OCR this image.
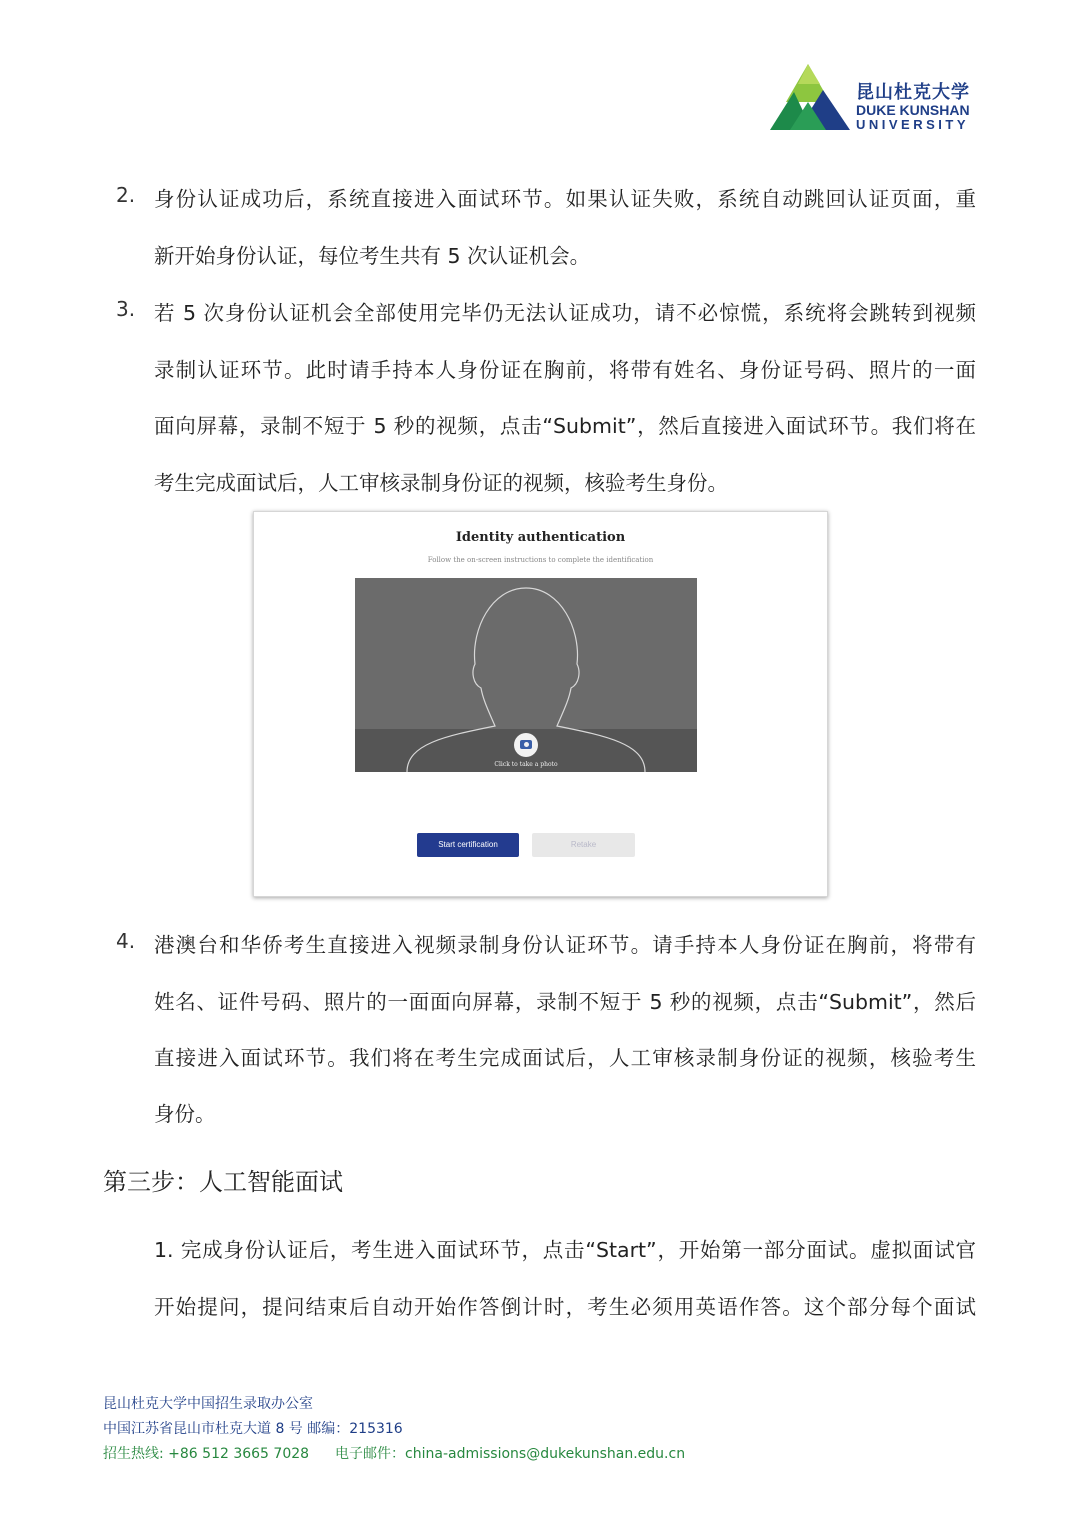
昆山杜克大学
DUKE KUNSHAN
UNIVERSITY
2. 身份认证成功后，系统直接进入面试环节。如果认证失败，系统自动跳回认证页面，重
新开始身份认证，每位考生共有 5 次认证机会。
3. 若 5 次身份认证机会全部使用完毕仍无法认证成功，请不必惊慌，系统将会跳转到视频
录制认证环节。此时请手持本人身份证在胸前，将带有姓名、身份证号码、照片的一面
面向屏幕，录制不短于 5 秒的视频，点击“Submit”，然后直接进入面试环节。我们将在
考生完成面试后，人工审核录制身份证的视频，核验考生身份。
Identity authentication
Follow the on-screen instructions to complete the identification
Click to take a photo
Start certification	Retake
4. 港澳台和华侨考生直接进入视频录制身份认证环节。请手持本人身份证在胸前，将带有
姓名、证件号码、照片的一面面向屏幕，录制不短于 5 秒的视频，点击“Submit”，然后
直接进入面试环节。我们将在考生完成面试后，人工审核录制身份证的视频，核验考生
身份。
第三步：人工智能面试
1. 完成身份认证后，考生进入面试环节，点击“Start”，开始第一部分面试。虚拟面试官
开始提问，提问结束后自动开始作答倒计时，考生必须用英语作答。这个部分每个面试
昆山杜克大学中国招生录取办公室
中国江苏省昆山市杜克大道 8 号 邮编：215316
招生热线: +86 512 3665 7028 电子邮件：china-admissions@dukekunshan.edu.cn
